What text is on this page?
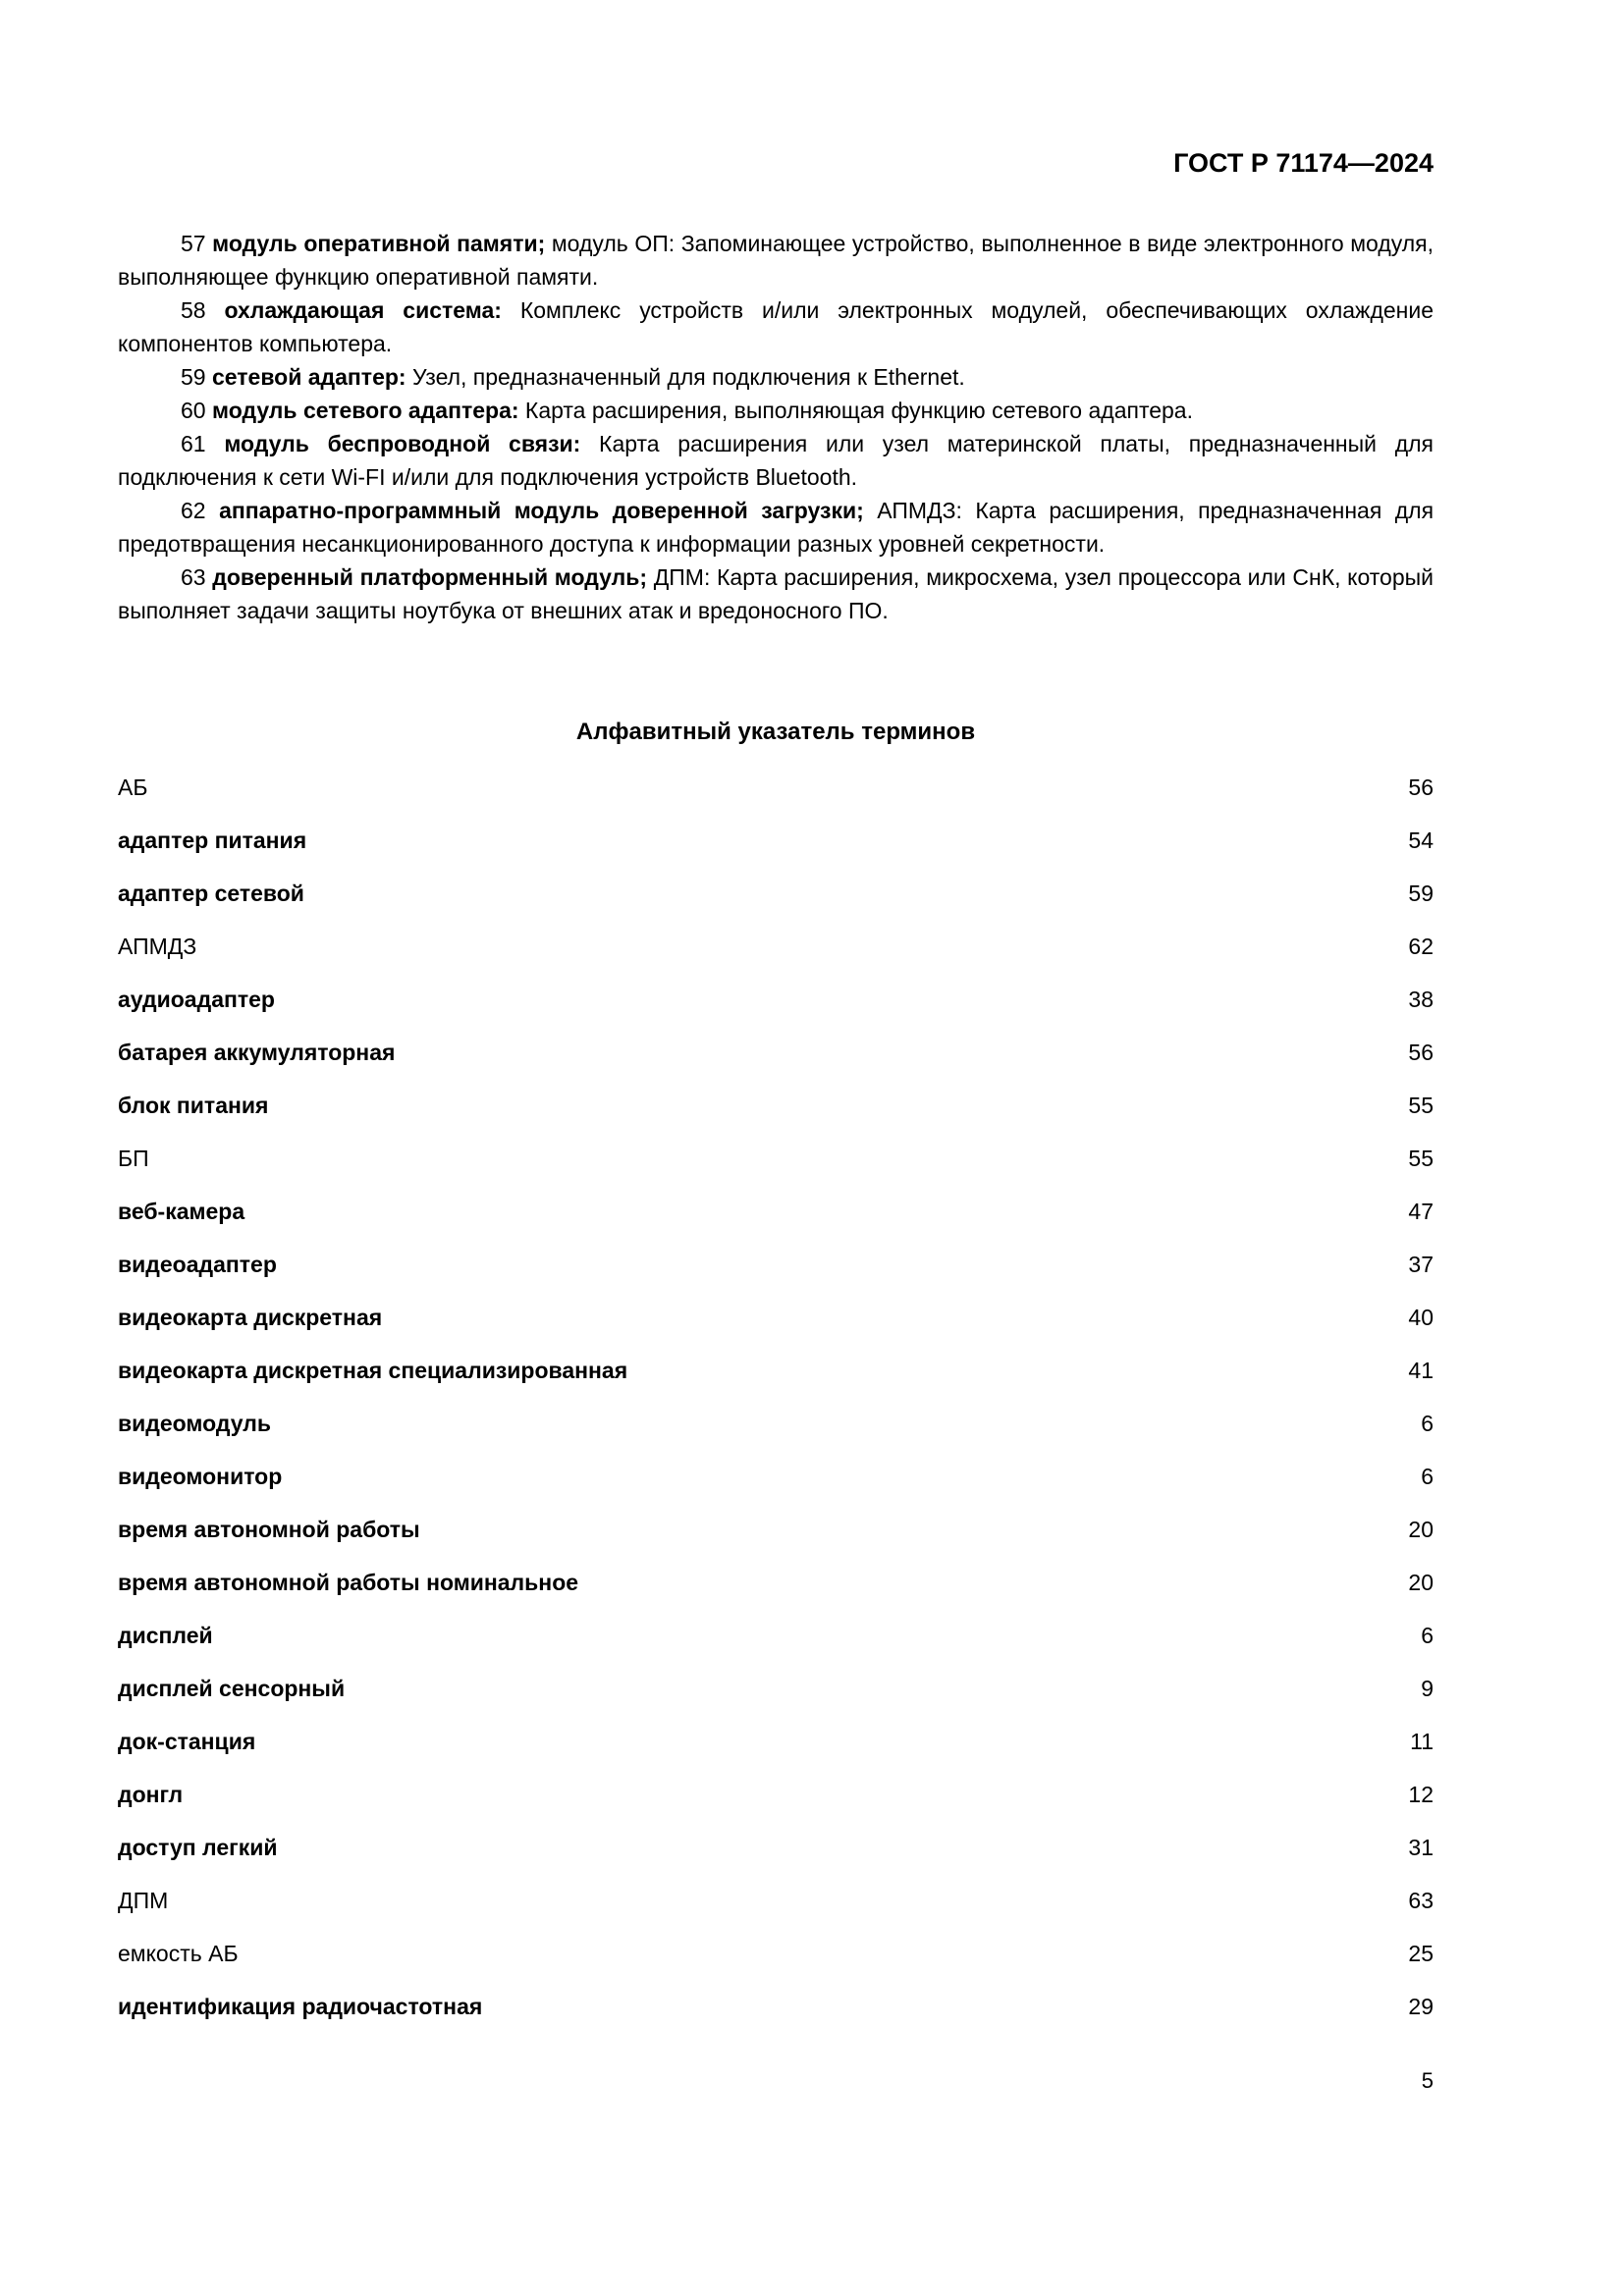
ГОСТ Р 71174—2024

57 модуль оперативной памяти; модуль ОП: Запоминающее устройство, выполненное в виде электронного модуля, выполняющее функцию оперативной памяти.

58 охлаждающая система: Комплекс устройств и/или электронных модулей, обеспечивающих охлаждение компонентов компьютера.

59 сетевой адаптер: Узел, предназначенный для подключения к Ethernet.

60 модуль сетевого адаптера: Карта расширения, выполняющая функцию сетевого адаптера.

61 модуль беспроводной связи: Карта расширения или узел материнской платы, предназначенный для подключения к сети Wi-FI и/или для подключения устройств Bluetooth.

62 аппаратно-программный модуль доверенной загрузки; АПМДЗ: Карта расширения, предназначенная для предотвращения несанкционированного доступа к информации разных уровней секретности.

63 доверенный платформенный модуль; ДПМ: Карта расширения, микросхема, узел процессора или СнК, который выполняет задачи защиты ноутбука от внешних атак и вредоносного ПО.

Алфавитный указатель терминов
АБ	56
адаптер питания	54
адаптер сетевой	59
АПМДЗ	62
аудиоадаптер	38
батарея аккумуляторная	56
блок питания	55
БП	55
веб-камера	47
видеоадаптер	37
видеокарта дискретная	40
видеокарта дискретная специализированная	41
видеомодуль	6
видеомонитор	6
время автономной работы	20
время автономной работы номинальное	20
дисплей	6
дисплей сенсорный	9
док-станция	11
донгл	12
доступ легкий	31
ДПМ	63
емкость АБ	25
идентификация радиочастотная	29
5
